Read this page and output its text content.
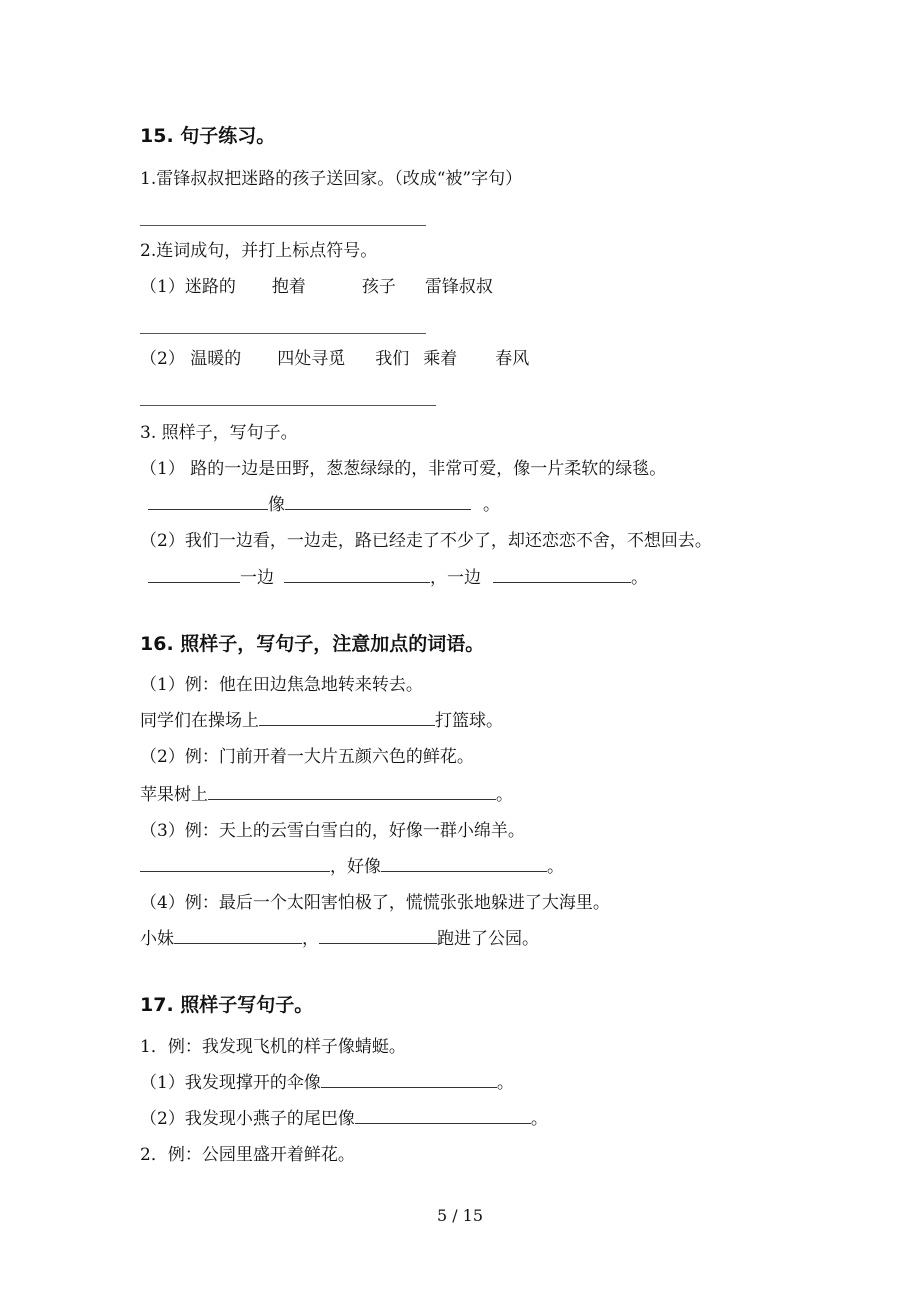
15. 句子练习。
1.雷锋叔叔把迷路的孩子送回家。（改成“被”字句）
2.连词成句，并打上标点符号。
（1）迷路的 抱着	孩子 雷锋叔叔
（2） 温暖的 四处寻觅 我们 乘着 春风
3. 照样子，写句子。
（1） 路的一边是田野，葱葱绿绿的，非常可爱，像一片柔软的绿毯。
像	。
（2）我们一边看，一边走，路已经走了不少了，却还恋恋不舍，不想回去。
一边	，一边	。
16. 照样子，写句子，注意加点的词语。
（1）例：他在田边焦急地转来转去。
同学们在操场上	打篮球。
（2）例：门前开着一大片五颜六色的鲜花。
苹果树上	。
（3）例：天上的云雪白雪白的，好像一群小绵羊。
，好像	。
（4）例：最后一个太阳害怕极了，慌慌张张地躲进了大海里。
小妹	，	跑进了公园。
17. 照样子写句子。
1．例：我发现飞机的样子像蜻蜓。
（1）我发现撑开的伞像	。
（2）我发现小燕子的尾巴像	。
2．例：公园里盛开着鲜花。
5 / 15
